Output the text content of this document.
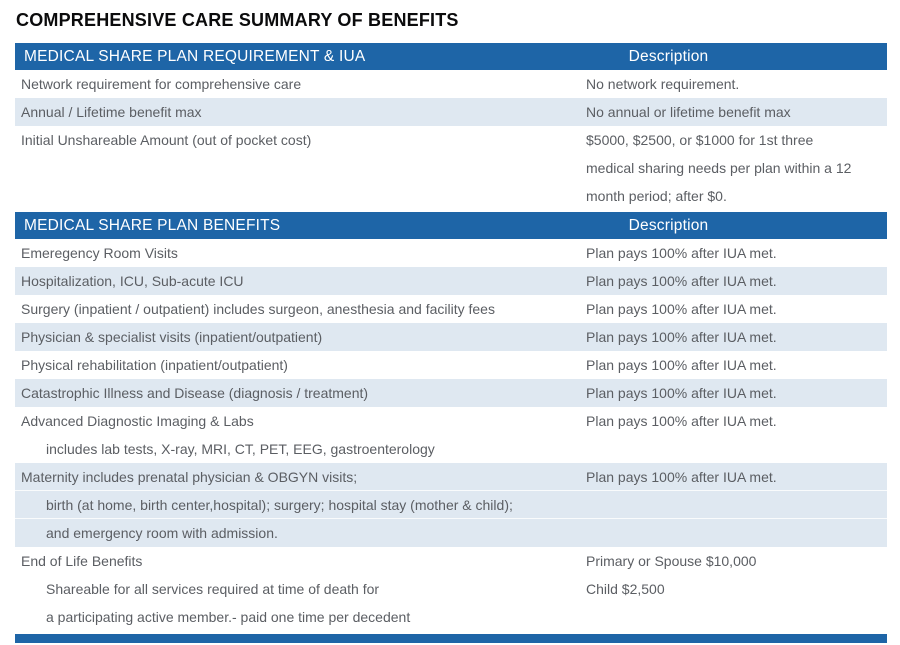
COMPREHENSIVE CARE SUMMARY OF BENEFITS
MEDICAL SHARE PLAN REQUIREMENT & IUA	Description
Network requirement for comprehensive care	No network requirement.
Annual / Lifetime benefit max	No annual or lifetime benefit max
Initial Unshareable Amount (out of pocket cost)	$5000, $2500, or $1000 for 1st three
medical sharing needs per plan within a 12
month period; after $0.
MEDICAL SHARE PLAN BENEFITS	Description
Emeregency Room Visits	Plan pays 100% after IUA met.
Hospitalization, ICU, Sub-acute ICU	Plan pays 100% after IUA met.
Surgery (inpatient / outpatient) includes surgeon, anesthesia and facility fees	Plan pays 100% after IUA met.
Physician & specialist visits (inpatient/outpatient)	Plan pays 100% after IUA met.
Physical rehabilitation (inpatient/outpatient)	Plan pays 100% after IUA met.
Catastrophic Illness and Disease (diagnosis / treatment)	Plan pays 100% after IUA met.
Advanced Diagnostic Imaging & Labs	Plan pays 100% after IUA met.
includes lab tests, X-ray, MRI, CT, PET, EEG, gastroenterology
Maternity includes prenatal physician & OBGYN visits;	Plan pays 100% after IUA met.
birth (at home, birth center,hospital); surgery; hospital stay (mother & child);
and emergency room with admission.
End of Life Benefits	Primary or Spouse $10,000
Shareable for all services required at time of death for	Child $2,500
a participating active member.- paid one time per decedent
